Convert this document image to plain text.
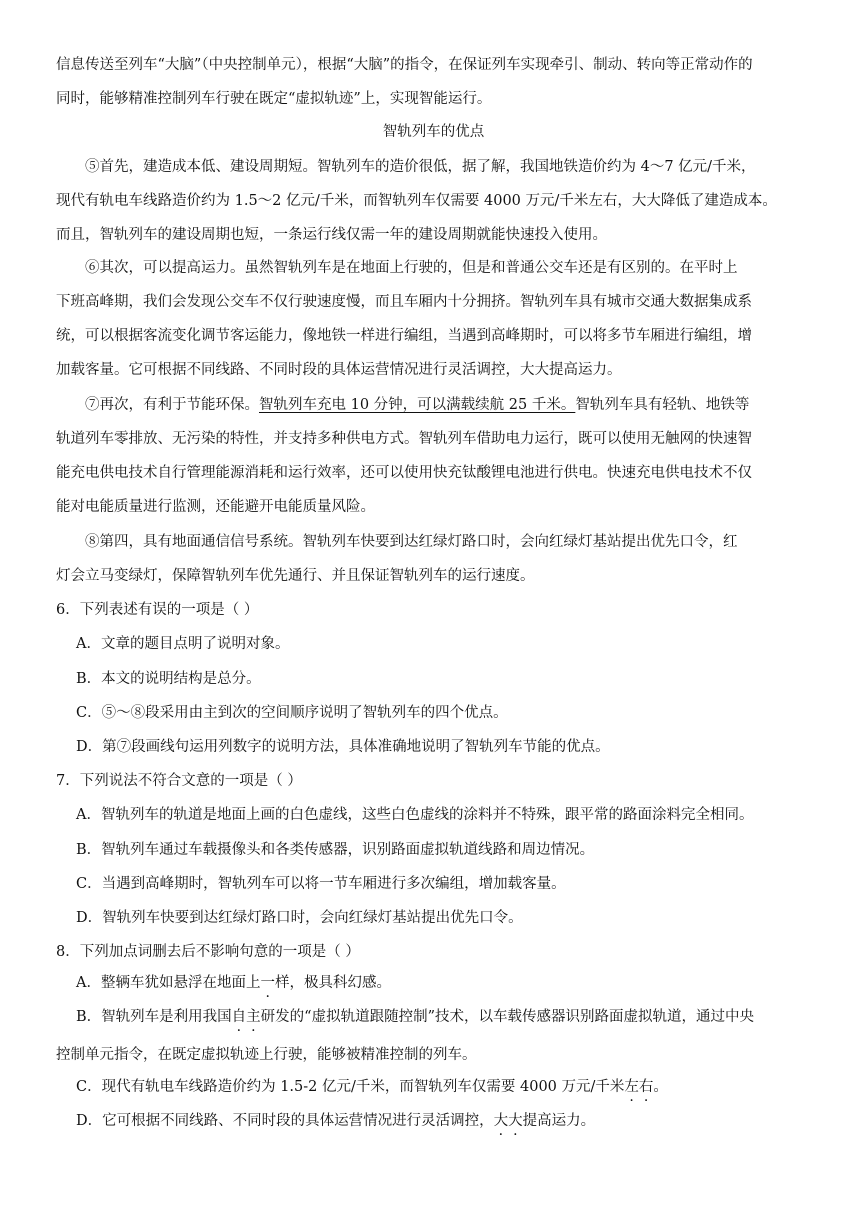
信息传送至列车“大脑”（中央控制单元），根据“大脑”的指令，在保证列车实现牵引、制动、转向等正常动作的
同时，能够精准控制列车行驶在既定“虚拟轨迹”上，实现智能运行。
智轨列车的优点
⑤首先，建造成本低、建设周期短。智轨列车的造价很低，据了解，我国地铁造价约为 4～7 亿元/千米，
现代有轨电车线路造价约为 1.5～2 亿元/千米，而智轨列车仅需要 4000 万元/千米左右，大大降低了建造成本。
而且，智轨列车的建设周期也短，一条运行线仅需一年的建设周期就能快速投入使用。
⑥其次，可以提高运力。虽然智轨列车是在地面上行驶的，但是和普通公交车还是有区别的。在平时上
下班高峰期，我们会发现公交车不仅行驶速度慢，而且车厢内十分拥挤。智轨列车具有城市交通大数据集成系
统，可以根据客流变化调节客运能力，像地铁一样进行编组，当遇到高峰期时，可以将多节车厢进行编组，增
加载客量。它可根据不同线路、不同时段的具体运营情况进行灵活调控，大大提高运力。
⑦再次，有利于节能环保。智轨列车充电 10 分钟，可以满载续航 25 千米。智轨列车具有轻轨、地铁等
轨道列车零排放、无污染的特性，并支持多种供电方式。智轨列车借助电力运行，既可以使用无触网的快速智
能充电供电技术自行管理能源消耗和运行效率，还可以使用快充钛酸锂电池进行供电。快速充电供电技术不仅
能对电能质量进行监测，还能避开电能质量风险。
⑧第四，具有地面通信信号系统。智轨列车快要到达红绿灯路口时，会向红绿灯基站提出优先口令，红
灯会立马变绿灯，保障智轨列车优先通行、并且保证智轨列车的运行速度。
6．下列表述有误的一项是（ ）
A．文章的题目点明了说明对象。
B．本文的说明结构是总分。
C．⑤～⑧段采用由主到次的空间顺序说明了智轨列车的四个优点。
D．第⑦段画线句运用列数字的说明方法，具体准确地说明了智轨列车节能的优点。
7．下列说法不符合文意的一项是（ ）
A．智轨列车的轨道是地面上画的白色虚线，这些白色虚线的涂料并不特殊，跟平常的路面涂料完全相同。
B．智轨列车通过车载摄像头和各类传感器，识别路面虚拟轨道线路和周边情况。
C．当遇到高峰期时，智轨列车可以将一节车厢进行多次编组，增加载客量。
D．智轨列车快要到达红绿灯路口时，会向红绿灯基站提出优先口令。
8．下列加点词删去后不影响句意的一项是（ ）
A．整辆车犹如悬浮在地面上一样，极具科幻感。
B．智轨列车是利用我国自主研发的“虚拟轨道跟随控制”技术，以车载传感器识别路面虚拟轨道，通过中央
控制单元指令，在既定虚拟轨迹上行驶，能够被精准控制的列车。
C．现代有轨电车线路造价约为 1.5-2 亿元/千米，而智轨列车仅需要 4000 万元/千米左右。
D．它可根据不同线路、不同时段的具体运营情况进行灵活调控，大大提高运力。
